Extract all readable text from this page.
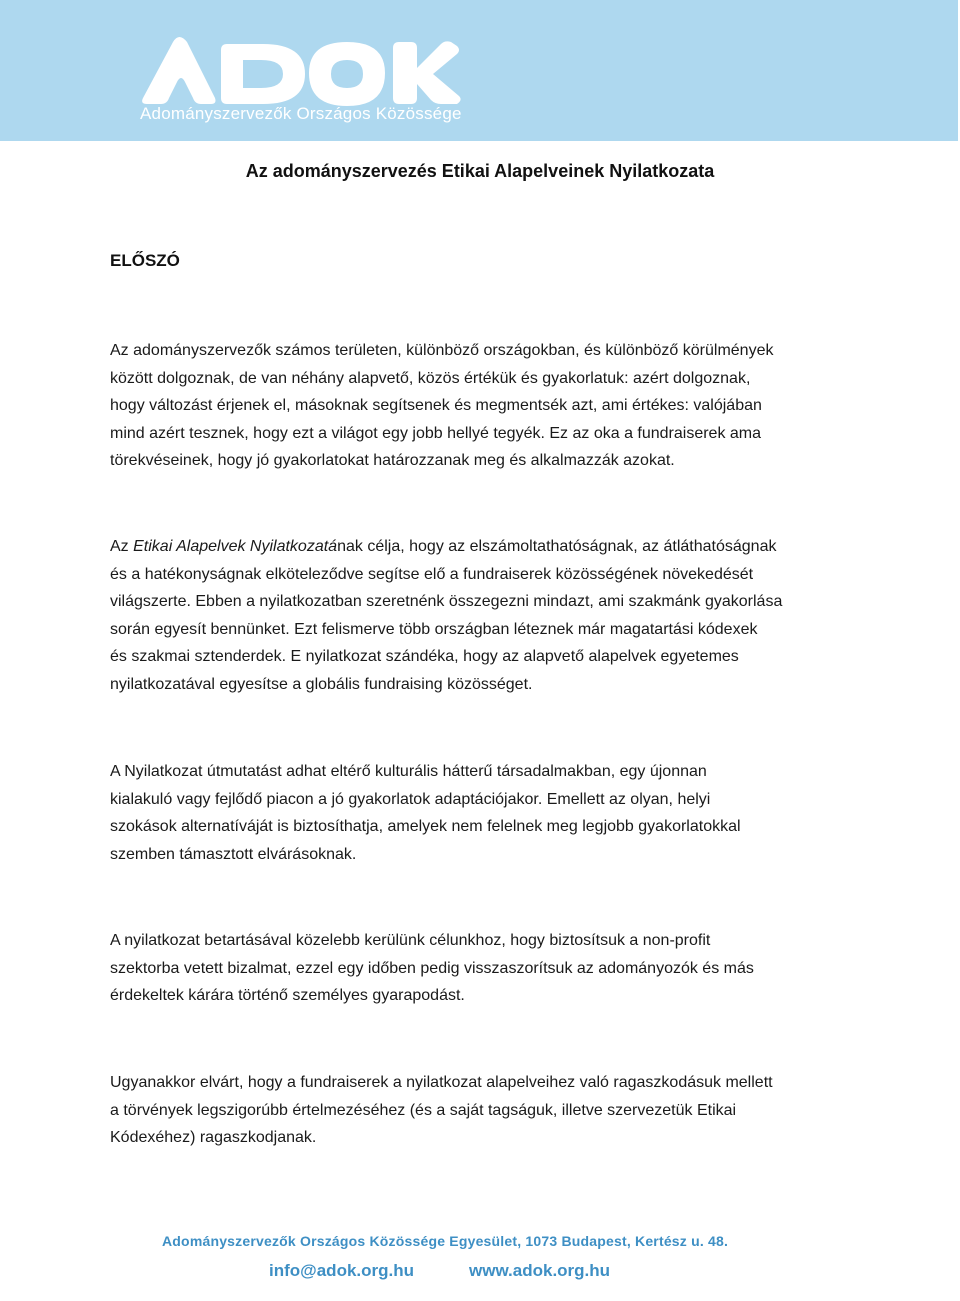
Adományszervezők Országos Közössége
Az adományszervezés Etikai Alapelveinek Nyilatkozata
ELŐSZÓ

Az adományszervezők számos területen, különböző országokban, és különböző körülmények
között dolgoznak, de van néhány alapvető, közös értékük és gyakorlatuk: azért dolgoznak,
hogy változást érjenek el, másoknak segítsenek és megmentsék azt, ami értékes: valójában
mind azért tesznek, hogy ezt a világot egy jobb hellyé tegyék. Ez az oka a fundraiserek ama
törekvéseinek, hogy jó gyakorlatokat határozzanak meg és alkalmazzák azokat.

Az Etikai Alapelvek Nyilatkozatának célja, hogy az elszámoltathatóságnak, az átláthatóságnak
és a hatékonyságnak elköteleződve segítse elő a fundraiserek közösségének növekedését
világszerte. Ebben a nyilatkozatban szeretnénk összegezni mindazt, ami szakmánk gyakorlása
során egyesít bennünket. Ezt felismerve több országban léteznek már magatartási kódexek
és szakmai sztenderdek. E nyilatkozat szándéka, hogy az alapvető alapelvek egyetemes
nyilatkozatával egyesítse a globális fundraising közösséget.

A Nyilatkozat útmutatást adhat eltérő kulturális hátterű társadalmakban, egy újonnan
kialakuló vagy fejlődő piacon a jó gyakorlatok adaptációjakor. Emellett az olyan, helyi
szokások alternatíváját is biztosíthatja, amelyek nem felelnek meg legjobb gyakorlatokkal
szemben támasztott elvárásoknak.

A nyilatkozat betartásával közelebb kerülünk célunkhoz, hogy biztosítsuk a non-profit
szektorba vetett bizalmat, ezzel egy időben pedig visszaszorítsuk az adományozók és más
érdekeltek kárára történő személyes gyarapodást.

Ugyanakkor elvárt, hogy a fundraiserek a nyilatkozat alapelveihez való ragaszkodásuk mellett
a törvények legszigorúbb értelmezéséhez (és a saját tagságuk, illetve szervezetük Etikai
Kódexéhez) ragaszkodjanak.

Adományszervezők Országos Közössége Egyesület, 1073 Budapest, Kertész u. 48.
info@adok.org.hu	www.adok.org.hu
